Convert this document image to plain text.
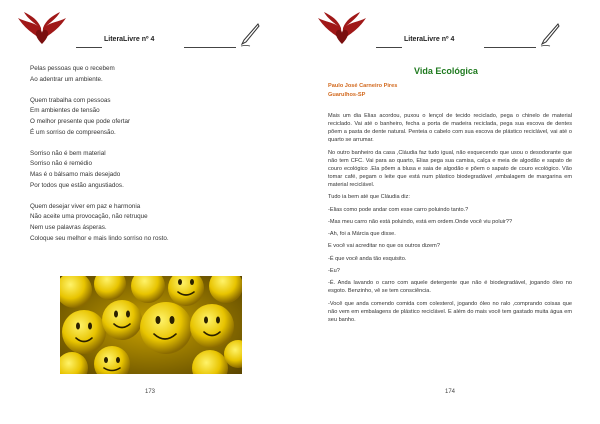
LiteraLivre nº 4
Pelas pessoas que o recebem
Ao adentrar um ambiente.
Quem trabalha com pessoas
Em ambientes de tensão
O melhor presente que pode ofertar
É um sorriso de compreensão.
Sorriso não é bem material
Sorriso não é remédio
Mas é o bálsamo mais desejado
Por todos que estão angustiados.
Quem desejar viver em paz e harmonia
Não aceite uma provocação, não retruque
Nem use palavras ásperas.
Coloque seu melhor e mais lindo sorriso no rosto.
173
LiteraLivre nº 4
Vida Ecológica
Paulo José Carneiro Pires
Guarulhos-SP

Mais um dia Elias acordou, puxou o lençol de tecido reciclado, pega o chinelo de material reciclado. Vai até o banheiro, fecha a porta de madeira reciclada, pega sua escova de dentes põem a pasta de dente natural. Penteia o cabelo com sua escova de plástico reciclável, vai até o quarto se arrumar.

No outro banheiro da casa ,Cláudia faz tudo igual, não esquecendo que usou o desodorante que não tem CFC. Vai para ao quarto, Elias pega sua camisa, calça e meia de algodão e sapato de couro ecológico .Ela põem a blusa e saia de algodão e põem o sapato de couro ecológico. Vão tomar café, pegam o leite que está num plástico biodegradável ,embalagem de margarina em material reciclável.

Tudo ia bem até que Cláudia diz:

-Elias como pode andar com esse carro poluindo tanto.?

-Mas meu carro não está poluindo, está em ordem.Onde você viu poluir??

-Ah, foi a Márcia que disse.

E você vai acreditar no que os outros dizem?

-É que você anda tão esquisito.

-Eu?

-É. Anda lavando o carro com aquele detergente que não é biodegradável, jogando óleo no esgoto. Benzinho, vê se tem consciência.

-Você que anda comendo comida com colesterol, jogando óleo no ralo ,comprando coisas que não vem em embalagens de plástico reciclável. E além do mais você tem gastado muita água em seu banho.

174
